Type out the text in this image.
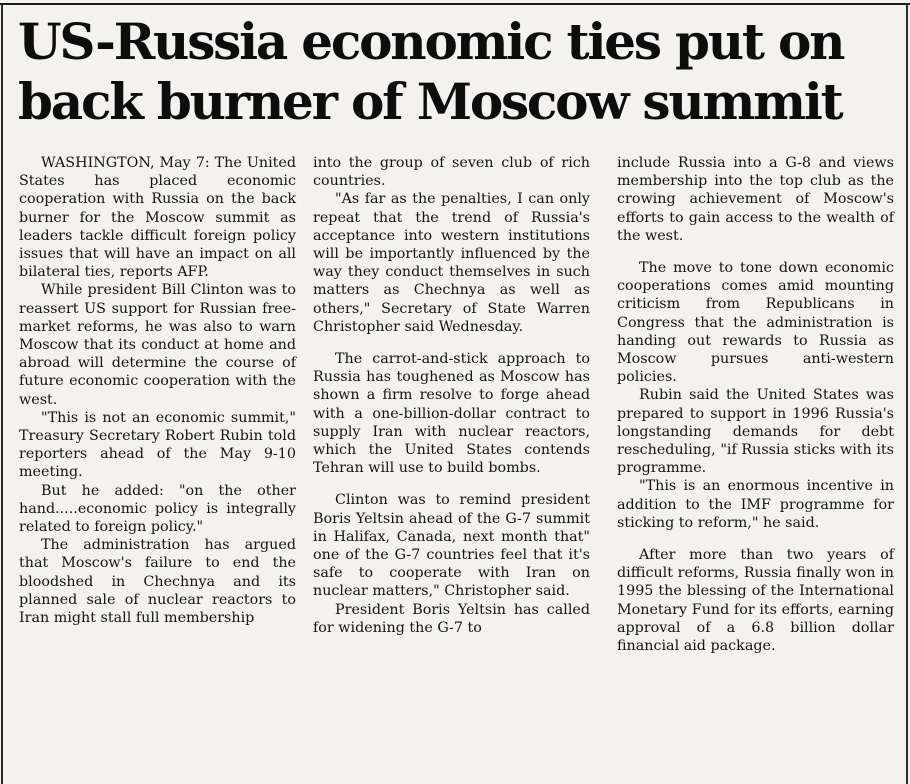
US-Russia economic ties put on back burner of Moscow summit

WASHINGTON, May 7: The United States has placed economic cooperation with Russia on the back burner for the Moscow summit as leaders tackle difficult foreign policy issues that will have an impact on all bilateral ties, reports AFP.

While president Bill Clinton was to reassert US support for Russian free-market reforms, he was also to warn Moscow that its conduct at home and abroad will determine the course of future economic cooperation with the west.

"This is not an economic summit," Treasury Secretary Robert Rubin told reporters ahead of the May 9-10 meeting.

But he added: "on the other hand.....economic policy is integrally related to foreign policy."

The administration has argued that Moscow's failure to end the bloodshed in Chechnya and its planned sale of nuclear reactors to Iran might stall full membership

into the group of seven club of rich countries.

"As far as the penalties, I can only repeat that the trend of Russia's acceptance into western institutions will be importantly influenced by the way they conduct themselves in such matters as Chechnya as well as others," Secretary of State Warren Christopher said Wednesday.

The carrot-and-stick approach to Russia has toughened as Moscow has shown a firm resolve to forge ahead with a one-billion-dollar contract to supply Iran with nuclear reactors, which the United States contends Tehran will use to build bombs.

Clinton was to remind president Boris Yeltsin ahead of the G-7 summit in Halifax, Canada, next month that" one of the G-7 countries feel that it's safe to cooperate with Iran on nuclear matters," Christopher said.

President Boris Yeltsin has called for widening the G-7 to

include Russia into a G-8 and views membership into the top club as the crowing achievement of Moscow's efforts to gain access to the wealth of the west.

The move to tone down economic cooperations comes amid mounting criticism from Republicans in Congress that the administration is handing out rewards to Russia as Moscow pursues anti-western policies.

Rubin said the United States was prepared to support in 1996 Russia's longstanding demands for debt rescheduling, "if Russia sticks with its programme.

"This is an enormous incentive in addition to the IMF programme for sticking to reform," he said.

After more than two years of difficult reforms, Russia finally won in 1995 the blessing of the International Monetary Fund for its efforts, earning approval of a 6.8 billion dollar financial aid package.
